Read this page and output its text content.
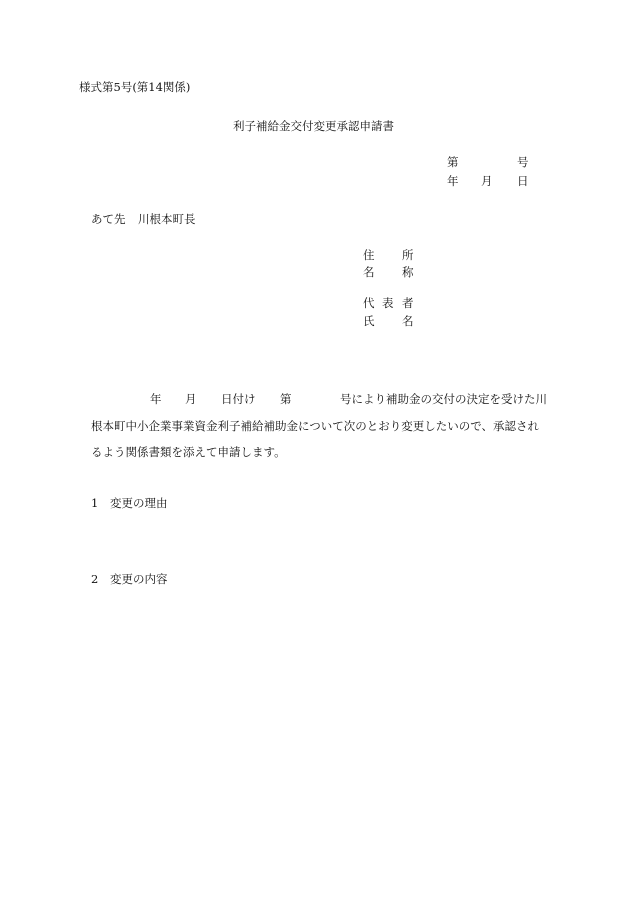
様式第5号(第14関係)
利子補給金交付変更承認申請書
第	号
年 月 日
あて先 川根本町長
住 所
名 称
代 表 者
氏 名
年 月 日付け 第	号により補助金の交付の決定を受けた川
根本町中小企業事業資金利子補給補助金について次のとおり変更したいので、承認され
るよう関係書類を添えて申請します。
1 変更の理由
2 変更の内容
